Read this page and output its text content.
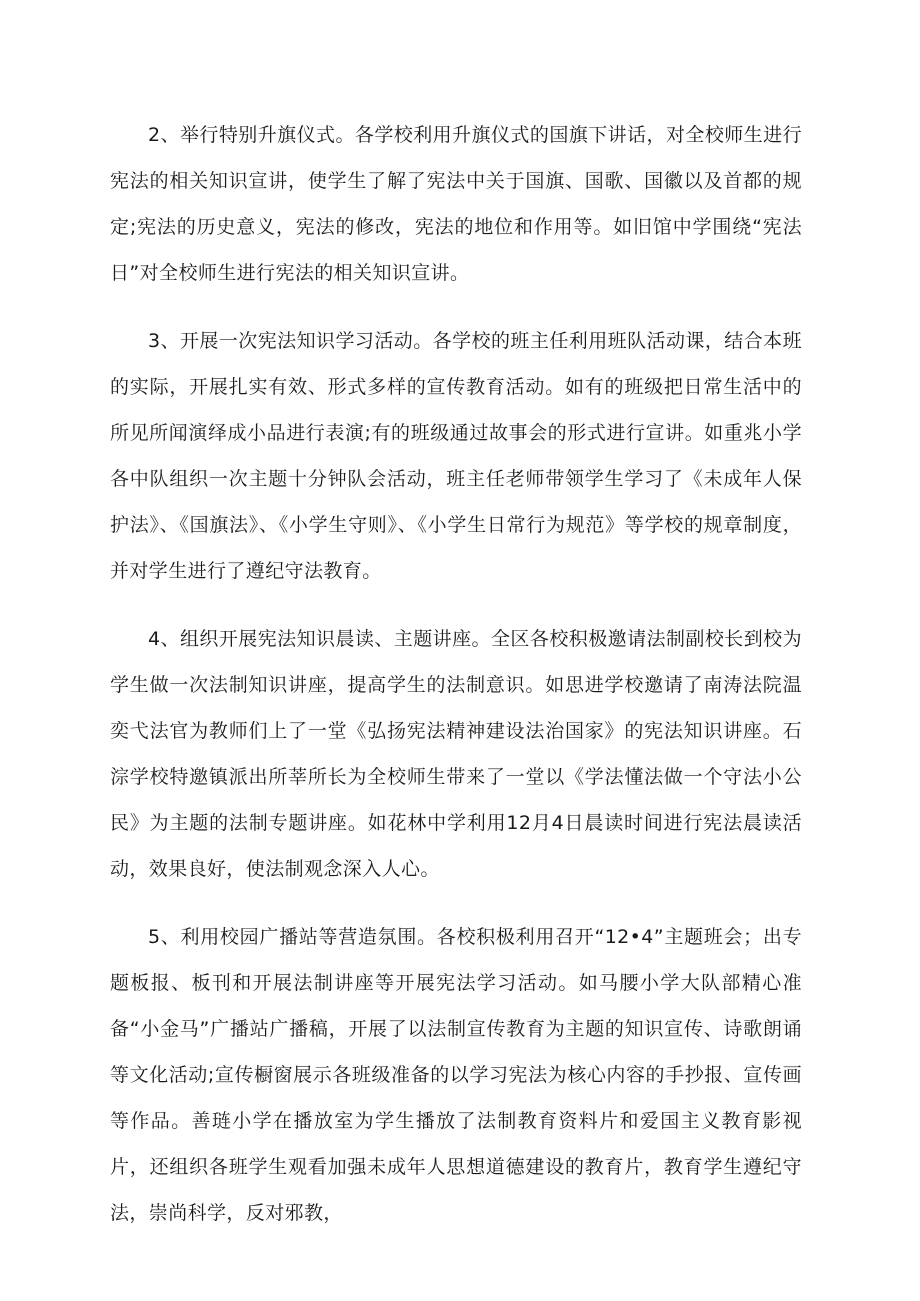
2、举行特别升旗仪式。各学校利用升旗仪式的国旗下讲话，对全校师生进行宪法的相关知识宣讲，使学生了解了宪法中关于国旗、国歌、国徽以及首都的规定;宪法的历史意义，宪法的修改，宪法的地位和作用等。如旧馆中学围绕“宪法日”对全校师生进行宪法的相关知识宣讲。

3、开展一次宪法知识学习活动。各学校的班主任利用班队活动课，结合本班的实际，开展扎实有效、形式多样的宣传教育活动。如有的班级把日常生活中的所见所闻演绎成小品进行表演;有的班级通过故事会的形式进行宣讲。如重兆小学各中队组织一次主题十分钟队会活动，班主任老师带领学生学习了《未成年人保护法》、《国旗法》、《小学生守则》、《小学生日常行为规范》等学校的规章制度，并对学生进行了遵纪守法教育。

4、组织开展宪法知识晨读、主题讲座。全区各校积极邀请法制副校长到校为学生做一次法制知识讲座，提高学生的法制意识。如思进学校邀请了南涛法院温奕弋法官为教师们上了一堂《弘扬宪法精神建设法治国家》的宪法知识讲座。石淙学校特邀镇派出所莘所长为全校师生带来了一堂以《学法懂法做一个守法小公民》为主题的法制专题讲座。如花林中学利用12月4日晨读时间进行宪法晨读活动，效果良好，使法制观念深入人心。

5、利用校园广播站等营造氛围。各校积极利用召开“12•4”主题班会；出专题板报、板刊和开展法制讲座等开展宪法学习活动。如马腰小学大队部精心准备“小金马”广播站广播稿，开展了以法制宣传教育为主题的知识宣传、诗歌朗诵等文化活动;宣传橱窗展示各班级准备的以学习宪法为核心内容的手抄报、宣传画等作品。善琏小学在播放室为学生播放了法制教育资料片和爱国主义教育影视片，还组织各班学生观看加强未成年人思想道德建设的教育片，教育学生遵纪守法，崇尚科学，反对邪教，
